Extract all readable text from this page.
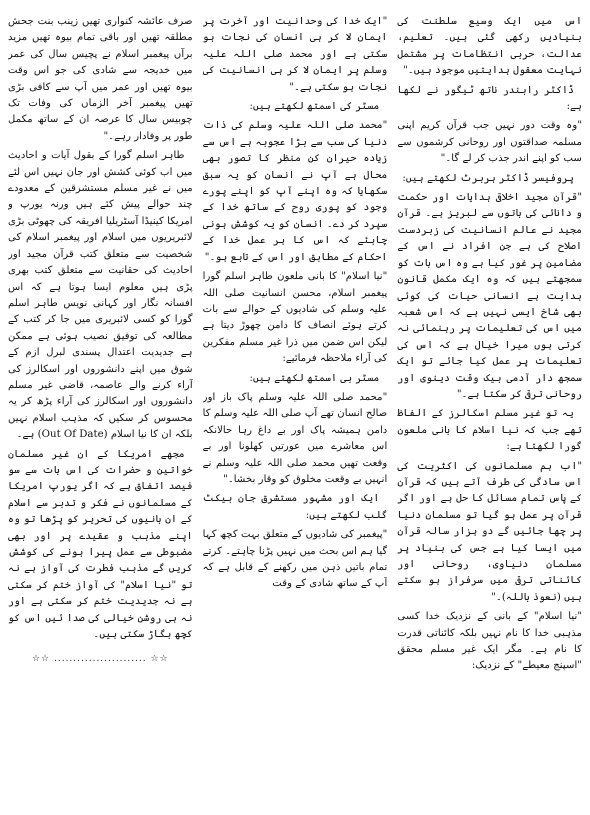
اس میں ایک وسیع سلطنت کی بنیادیں رکھی گئی ہیں۔ تعلیم، عدالت، حربی انتظامات پر مشتمل نہایت معقول ہدایتیں موجود ہیں۔"

ڈاکٹر رابندر ناتھ ٹیگور نے لکھا ہے:

"وہ وقت دور نہیں جب قرآن کریم اپنی مسلمہ صداقتوں اور روحانی کرشموں سے سب کو اپنے اندر جذب کر لے گا۔"

پروفیسر ڈاکٹر ہربرٹ لکھتے ہیں:

"قرآن مجید اخلاقی ہدایات اور حکمت و دانائی کی باتوں سے لبریز ہے۔ قرآن مجید نے عالم انسانیت کی زبردست اصلاح کی ہے جن افراد نے اس کے مضامین پر غور کیا ہے وہ اس بات کو سمجھتے ہیں کہ وہ ایک مکمل قانون ہدایت ہے انسانی حیات کی کوئی بھی شاخ ایسی نہیں ہے کہ اس شعبہ میں اس کی تعلیمات پر رہنمائی نہ کرتی ہوں میرا خیال ہے کہ اس کی تعلیمات پر عمل کیا جائے تو ایک سمجھ دار آدمی بیک وقت دینوی اور روحانی ترقی کر سکتا ہے۔"

یہ تو غیر مسلم اسکالرز کے الفاظ تھے جب کہ نیا اسلام کا بانی ملعون گورا لکھتا ہے:

"اب ہم مسلمانوں کی اکثریت کی اس سادگی کی طرف آتے ہیں کہ قرآن کے پاس تمام مسائل کا حل ہے اور اگر قرآن پر عمل ہو گیا تو مسلمان دنیا پر چھا جائیں گے دو ہزار سالہ قرآن میں ایسا کیا ہے جس کی بنیاد پر مسلمان دنیاوی، روحانی اور کائناتی ترقی میں سرفراز ہو سکتے ہیں (نعوذ باللہ)۔"

"نیا اسلام" کے بانی کے نزدیک خدا کسی مذہبی خدا کا نام نہیں بلکہ کائناتی قدرت کا نام ہے۔ مگر ایک غیر مسلم محقق "اسپنج معیطے" کے نزدیک:

"ایک خدا کی وحدانیت اور آخرت پر ایمان لا کر ہی انسان کی نجات ہو سکتی ہے اور محمد صلی اللہ علیہ وسلم پر ایمان لا کر ہی انسانیت کی نجات ہو سکتی ہے۔"

مسٹر کی اسمتھ لکھتے ہیں:

"محمد صلی اللہ علیہ وسلم کی ذات دنیا کی سب سے بڑا عجوبہ ہے اس سے زیادہ حیران کن منظر کا تصور بھی محال ہے آپ نے انسان کو یہ سبق سکھایا کہ وہ اپنے آپ کو اپنے پورے وجود کو پوری روح کے ساتھ خدا کے سپرد کر دے۔ انسان کو یہ کوشش ہونی چاہئے کہ اس کا ہر عمل خدا کے احکام کے مطابق اور اس کے تابع ہو۔"

"نیا اسلام" کا بانی ملعون طاہر اسلم گورا پیغمبر اسلام، محسن انسانیت صلی اللہ علیہ وسلم کی شادیوں کے حوالے سے بات کرتے ہوئے انصاف کا دامن چھوڑ دیتا ہے لیکن اس ضمن میں ذرا غیر مسلم مفکرین کی آراء ملاحظہ فرمائیے:

مسٹر بی اسمتھ لکھتے ہیں:

"محمد صلی اللہ علیہ وسلم پاک باز اور صالح انسان تھے آپ صلی اللہ علیہ وسلم کا دامن ہمیشہ پاک اور بے داغ رہا حالانکہ اس معاشرے میں عورتیں کھلونا اور بے وقعت تھیں محمد صلی اللہ علیہ وسلم نے انہیں بے وقعت مخلوق کو وقار بخشا۔"

ایک اور مشہور مستشرق جان بیکٹ گلب لکھتے ہیں:

"پیغمبر کی شادیوں کے متعلق بہت کچھ کہا گیا ہم اس بحث میں نہیں پڑنا چاہتے۔ کرتے تمام باتیں ذہن میں رکھنے کے قابل ہے کہ آپ کے ساتھ شادی کے وقت

صرف عائشہ کنواری تھیں زینب بنت جحش مطلقہ تھیں اور باقی تمام بیوہ تھیں مزید برآں پیغمبر اسلام نے پچیس سال کی عمر میں خدیجہ سے شادی کی جو اس وقت بیوہ تھیں اور عمر میں آپ سے کافی بڑی تھیں پیغمبر آخر الزماں کی وفات تک چوبیس سال کا عرصہ ان کے ساتھ مکمل طور پر وفادار رہے۔"

طاہر اسلم گورا کے بقول آیات و احادیث میں اب کوئی کشش اور جان نہیں اس لئے میں نے غیر مسلم مستشرقین کے معدودے چند حوالے پیش کئے ہیں ورنہ یورپ و امریکا کینیڈا آسٹریلیا افریقہ کی چھوٹی بڑی لائبریریوں میں اسلام اور پیغمبر اسلام کی شخصیت سے متعلق کتب قرآن مجید اور احادیث کی حقانیت سے متعلق کتب بھری پڑی ہیں معلوم ایسا ہوتا ہے کہ اس افسانہ نگار اور کہانی نویس طاہر اسلم گورا کو کسی لائبریری میں جا کر کتب کے مطالعہ کی توفیق نصیب ہوئی ہے ممکن ہے جدیدیت اعتدال پسندی لبرل ازم کے شوق میں اپنے دانشوروں اور اسکالرز کی آراء کرنے والے عاصمہ، قاضی غیر مسلم دانشوروں اور اسکالرز کی آراء پڑھ کر یہ محسوس کر سکیں کہ مذہب اسلام نہیں بلکہ ان کا نیا اسلام (Out Of Date) ہے۔

مجھے امریکا کے ان غیر مسلمان خواتین و حضرات کی اس بات سے سو فیصد اتفاق ہے کہ اگر یورپ امریکا کے مسلمانوں نے فکر و تدبر سے اسلام کے ان بانیوں کی تحریر کو پڑھا تو وہ اپنے مذہب و عقیدے پر اور بھی مضبوطی سے عمل پیرا ہونے کی کوشش کریں گے مذہب فطرت کی آواز ہے نہ تو "نیا اسلام" کی آواز ختم کر سکتی ہے نہ جدیدیت ختم کر سکتی ہے اور نہ ہی روشن خیالی کی صدا ئیں اس کو کچھ بگاڑ سکتی ہیں۔

☆☆ ........................ ☆☆
